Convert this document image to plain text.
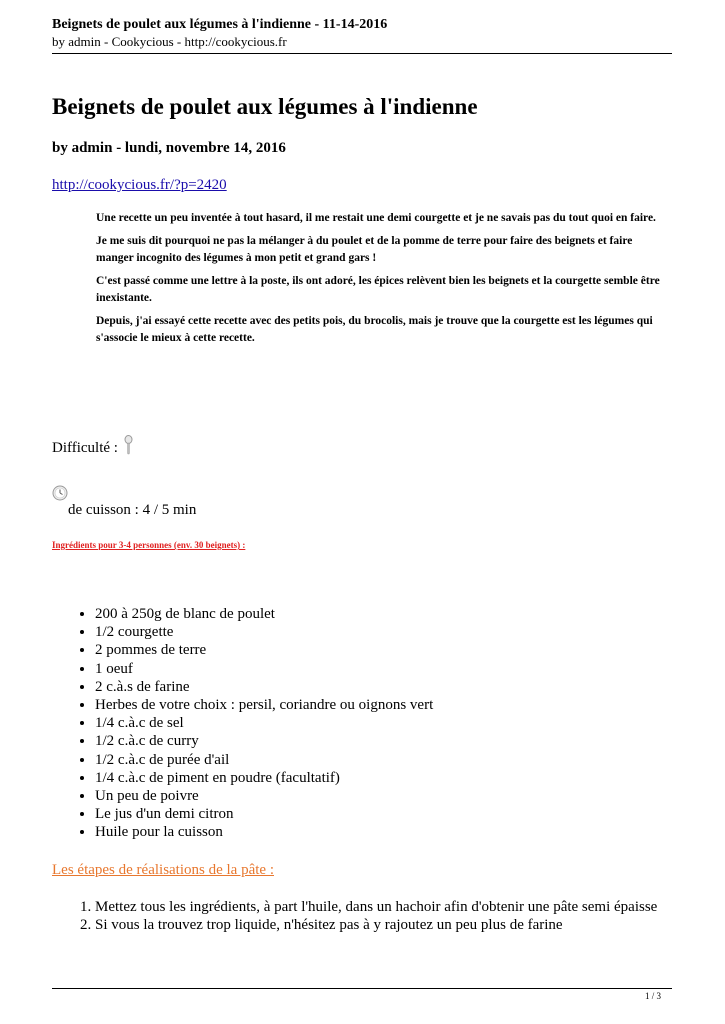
Beignets de poulet aux légumes à l'indienne - 11-14-2016
by admin - Cookycious - http://cookycious.fr
Beignets de poulet aux légumes à l'indienne
by admin - lundi, novembre 14, 2016
http://cookycious.fr/?p=2420

Une recette un peu inventée à tout hasard, il me restait une demi courgette et je ne savais pas du tout quoi en faire.

Je me suis dit pourquoi ne pas la mélanger à du poulet et de la pomme de terre pour faire des beignets et faire manger incognito des légumes à mon petit et grand gars !

C'est passé comme une lettre à la poste, ils ont adoré, les épices relèvent bien les beignets et la courgette semble être inexistante.

Depuis, j'ai essayé cette recette avec des petits pois, du brocolis, mais je trouve que la courgette est les légumes qui s'associe le mieux à cette recette.

Difficulté :
de cuisson : 4 / 5 min
Ingrédients pour 3-4 personnes (env. 30 beignets) :
• 200 à 250g de blanc de poulet
• 1/2 courgette
• 2 pommes de terre
• 1 oeuf
• 2 c.à.s de farine
• Herbes de votre choix : persil, coriandre ou oignons vert
• 1/4 c.à.c de sel
• 1/2 c.à.c de curry
• 1/2 c.à.c de purée d'ail
• 1/4 c.à.c de piment en poudre (facultatif)
• Un peu de poivre
• Le jus d'un demi citron
• Huile pour la cuisson
Les étapes de réalisations de la pâte :
1. Mettez tous les ingrédients, à part l'huile, dans un hachoir afin d'obtenir une pâte semi épaisse
2. Si vous la trouvez trop liquide, n'hésitez pas à y rajoutez un peu plus de farine
1 / 3
